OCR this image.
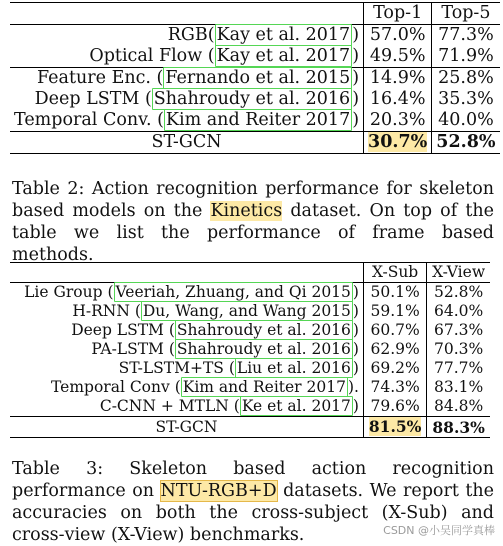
	Top-1	Top-5
RGB( Kay et al. 2017 )	57.0%	77.3%
Optical Flow ( Kay et al. 2017 )	49.5%	71.9%
Feature Enc. ( Fernando et al. 2015 )	14.9%	25.8%
Deep LSTM ( Shahroudy et al. 2016 )	16.4%	35.3%
Temporal Conv. ( Kim and Reiter 2017 )	20.3%	40.0%
ST-GCN	30.7%	52.8%
Table 2: Action recognition performance for skeleton based models on the Kinetics dataset. On top of the table we list the performance of frame based methods.
	X-Sub	X-View
Lie Group ( Veeriah, Zhuang, and Qi 2015 )	50.1%	52.8%
H-RNN ( Du, Wang, and Wang 2015 )	59.1%	64.0%
Deep LSTM ( Shahroudy et al. 2016 )	60.7%	67.3%
PA-LSTM ( Shahroudy et al. 2016 )	62.9%	70.3%
ST-LSTM+TS ( Liu et al. 2016 )	69.2%	77.7%
Temporal Conv ( Kim and Reiter 2017 ).	74.3%	83.1%
C-CNN + MTLN ( Ke et al. 2017 )	79.6%	84.8%
ST-GCN	81.5%	88.3%
Table 3: Skeleton based action recognition performance on NTU-RGB+D datasets. We report the accuracies on both the cross-subject (X-Sub) and cross-view (X-View) benchmarks.	CSDN @小吴同学真棒
